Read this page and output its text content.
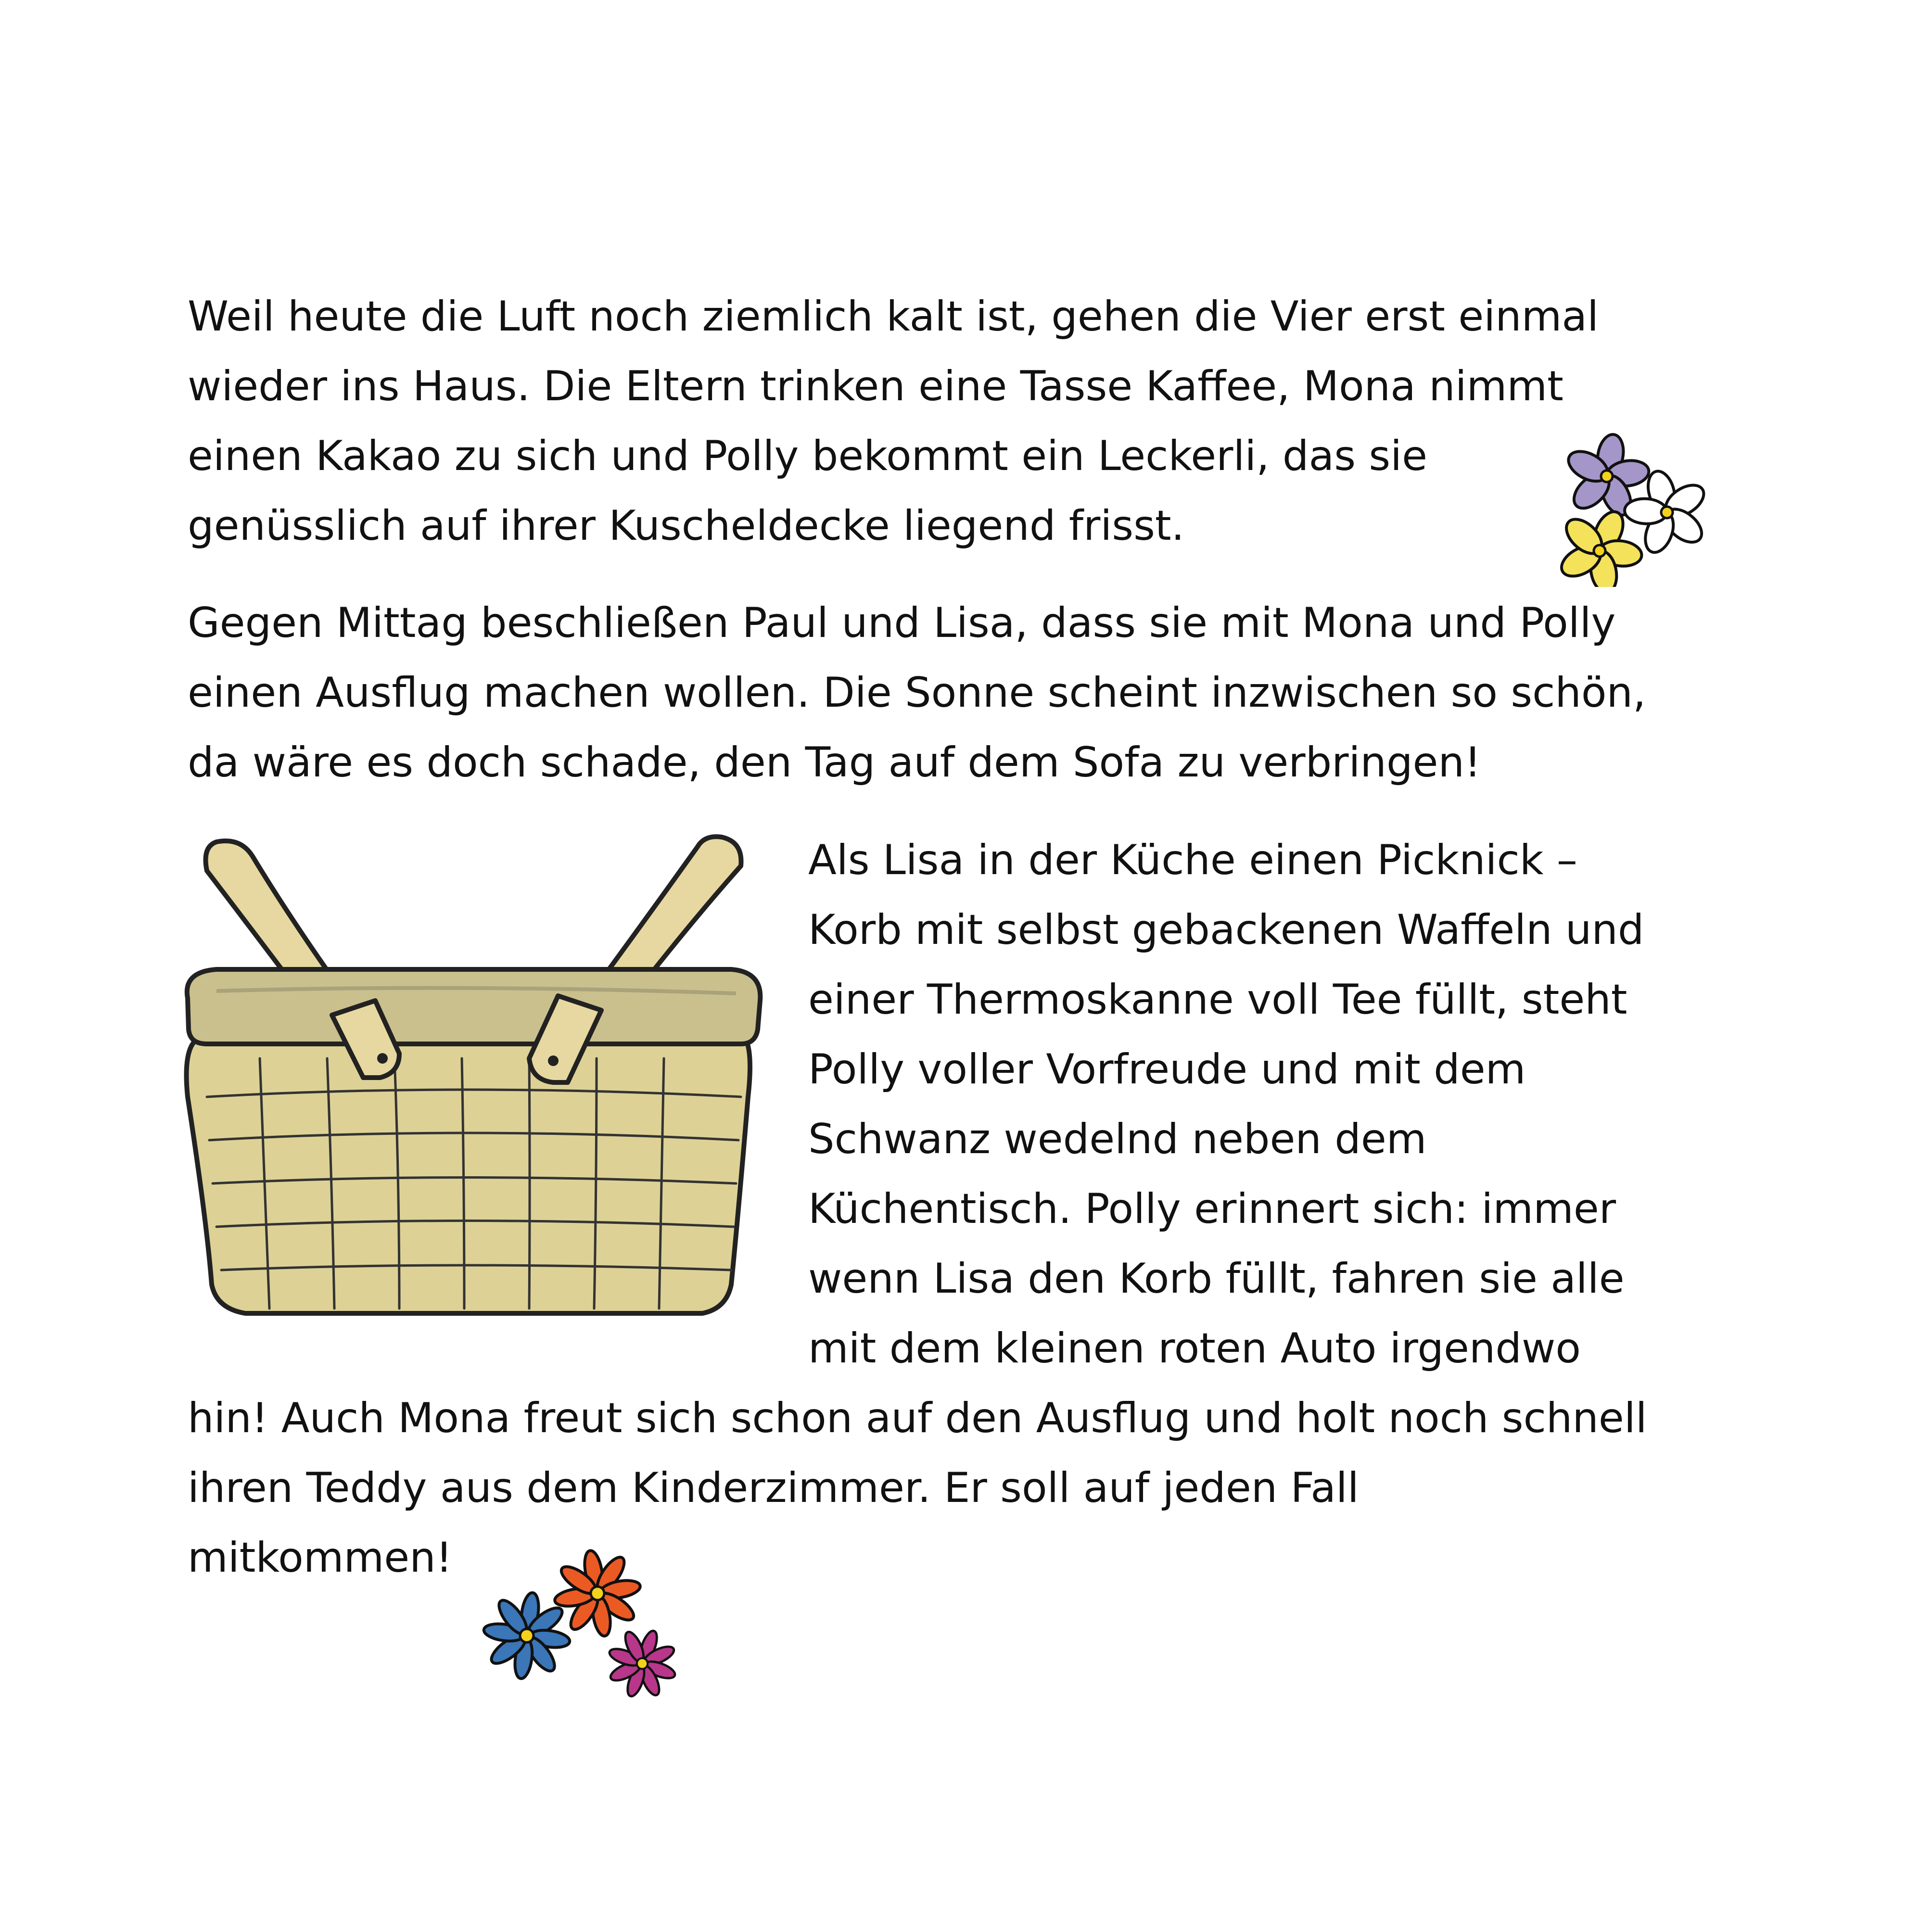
Weil heute die Luft noch ziemlich kalt ist, gehen die Vier erst einmal

wieder ins Haus. Die Eltern trinken eine Tasse Kaffee, Mona nimmt

einen Kakao zu sich und Polly bekommt ein Leckerli, das sie

genüsslich auf ihrer Kuscheldecke liegend frisst.

Gegen Mittag beschließen Paul und Lisa, dass sie mit Mona und Polly

einen Ausflug machen wollen. Die Sonne scheint inzwischen so schön,

da wäre es doch schade, den Tag auf dem Sofa zu verbringen!

Als Lisa in der Küche einen Picknick –

Korb mit selbst gebackenen Waffeln und

einer Thermoskanne voll Tee füllt, steht

Polly voller Vorfreude und mit dem

Schwanz wedelnd neben dem

Küchentisch. Polly erinnert sich: immer

wenn Lisa den Korb füllt, fahren sie alle

mit dem kleinen roten Auto irgendwo

hin! Auch Mona freut sich schon auf den Ausflug und holt noch schnell

ihren Teddy aus dem Kinderzimmer. Er soll auf jeden Fall

mitkommen!
